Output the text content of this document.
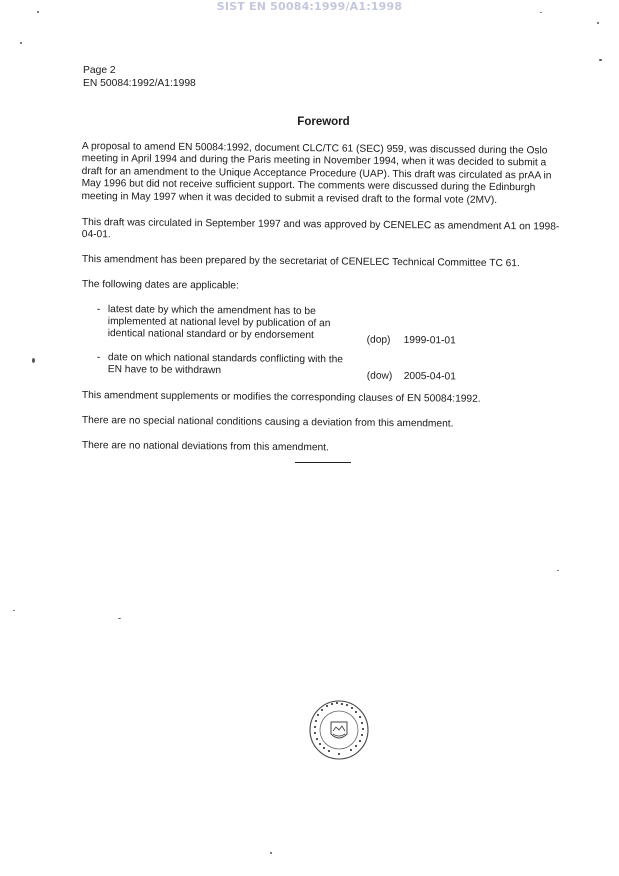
SIST EN 50084:1999/A1:1998
Page 2
EN 50084:1992/A1:1998
Foreword
A proposal to amend EN 50084:1992, document CLC/TC 61 (SEC) 959, was discussed during the Oslo meeting in April 1994 and during the Paris meeting in November 1994, when it was decided to submit a draft for an amendment to the Unique Acceptance Procedure (UAP). This draft was circulated as prAA in May 1996 but did not receive sufficient support. The comments were discussed during the Edinburgh meeting in May 1997 when it was decided to submit a revised draft to the formal vote (2MV).
This draft was circulated in September 1997 and was approved by CENELEC as amendment A1 on 1998-04-01.
This amendment has been prepared by the secretariat of CENELEC Technical Committee TC 61.
The following dates are applicable:
- latest date by which the amendment has to be implemented at national level by publication of an identical national standard or by endorsement	(dop) 1999-01-01
- date on which national standards conflicting with the EN have to be withdrawn	(dow) 2005-04-01
This amendment supplements or modifies the corresponding clauses of EN 50084:1992.
There are no special national conditions causing a deviation from this amendment.
There are no national deviations from this amendment.
